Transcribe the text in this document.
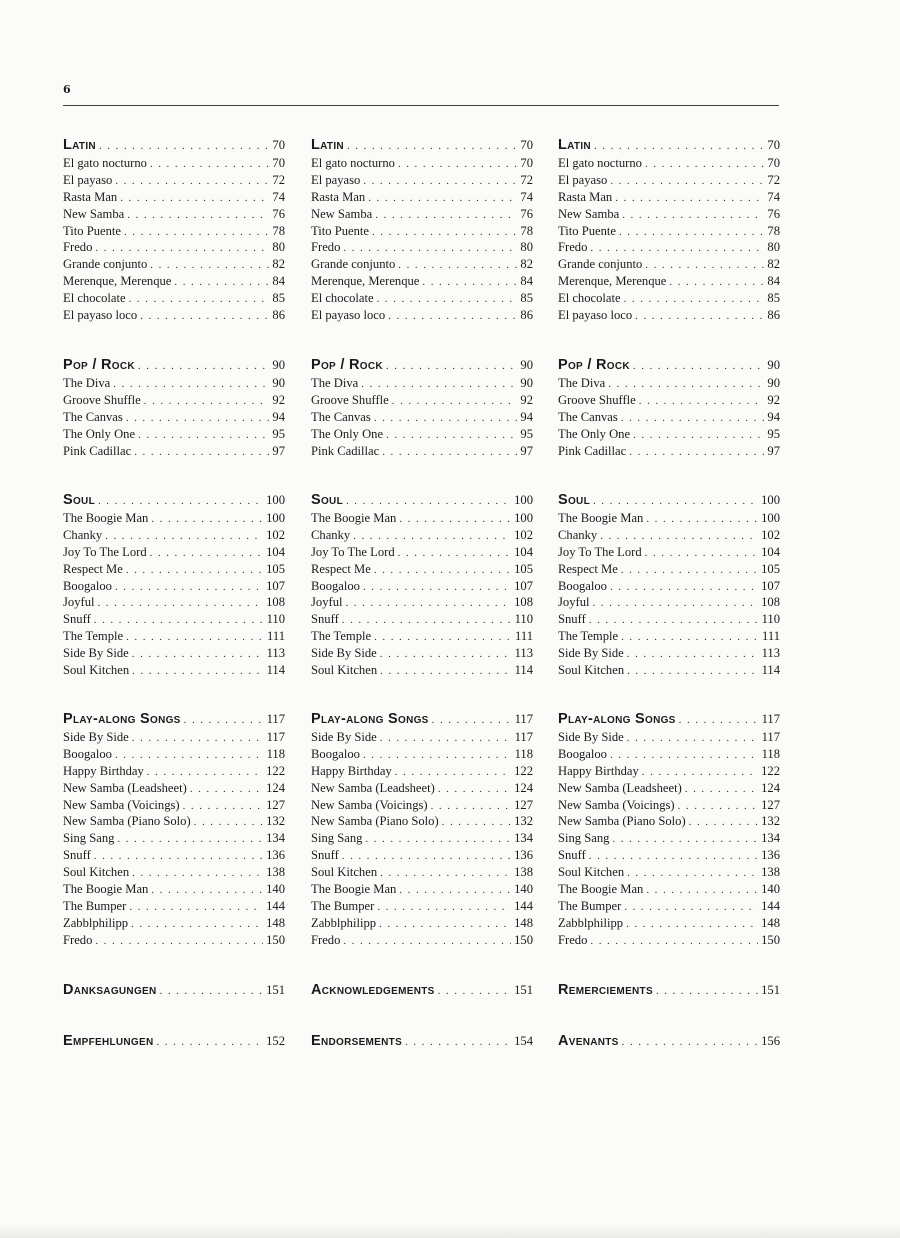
6
Latin . . .	70
El gato nocturno . . .	70
El payaso . . .	72
Rasta Man . . .	74
New Samba . . .	76
Tito Puente . . .	78
Fredo . . .	80
Grande conjunto . . .	82
Merenque, Merenque . . .	84
El chocolate . . .	85
El payaso loco . . .	86
Pop / Rock . . .	90
The Diva . . .	90
Groove Shuffle . . .	92
The Canvas . . .	94
The Only One . . .	95
Pink Cadillac . . .	97
Soul . . .	100
The Boogie Man . . .	100
Chanky . . .	102
Joy To The Lord . . .	104
Respect Me . . .	105
Boogaloo . . .	107
Joyful . . .	108
Snuff . . .	110
The Temple . . .	111
Side By Side . . .	113
Soul Kitchen . . .	114
Play-along Songs . . .	117
Side By Side . . .	117
Boogaloo . . .	118
Happy Birthday . . .	122
New Samba (Leadsheet) . . .	124
New Samba (Voicings) . . .	127
New Samba (Piano Solo) . . .	132
Sing Sang . . .	134
Snuff . . .	136
Soul Kitchen . . .	138
The Boogie Man . . .	140
The Bumper . . .	144
Zabblphilipp . . .	148
Fredo . . .	150
Danksagungen . . .	151
Empfehlungen . . .	152
Latin . . .	70
El gato nocturno . . .	70
El payaso . . .	72
Rasta Man . . .	74
New Samba . . .	76
Tito Puente . . .	78
Fredo . . .	80
Grande conjunto . . .	82
Merenque, Merenque . . .	84
El chocolate . . .	85
El payaso loco . . .	86
Pop / Rock . . .	90
The Diva . . .	90
Groove Shuffle . . .	92
The Canvas . . .	94
The Only One . . .	95
Pink Cadillac . . .	97
Soul . . .	100
The Boogie Man . . .	100
Chanky . . .	102
Joy To The Lord . . .	104
Respect Me . . .	105
Boogaloo . . .	107
Joyful . . .	108
Snuff . . .	110
The Temple . . .	111
Side By Side . . .	113
Soul Kitchen . . .	114
Play-along Songs . . .	117
Side By Side . . .	117
Boogaloo . . .	118
Happy Birthday . . .	122
New Samba (Leadsheet) . . .	124
New Samba (Voicings) . . .	127
New Samba (Piano Solo) . . .	132
Sing Sang . . .	134
Snuff . . .	136
Soul Kitchen . . .	138
The Boogie Man . . .	140
The Bumper . . .	144
Zabblphilipp . . .	148
Fredo . . .	150
Acknowledgements . . .	151
Endorsements . . .	154
Latin . . .	70
El gato nocturno . . .	70
El payaso . . .	72
Rasta Man . . .	74
New Samba . . .	76
Tito Puente . . .	78
Fredo . . .	80
Grande conjunto . . .	82
Merenque, Merenque . . .	84
El chocolate . . .	85
El payaso loco . . .	86
Pop / Rock . . .	90
The Diva . . .	90
Groove Shuffle . . .	92
The Canvas . . .	94
The Only One . . .	95
Pink Cadillac . . .	97
Soul . . .	100
The Boogie Man . . .	100
Chanky . . .	102
Joy To The Lord . . .	104
Respect Me . . .	105
Boogaloo . . .	107
Joyful . . .	108
Snuff . . .	110
The Temple . . .	111
Side By Side . . .	113
Soul Kitchen . . .	114
Play-along Songs . . .	117
Side By Side . . .	117
Boogaloo . . .	118
Happy Birthday . . .	122
New Samba (Leadsheet) . . .	124
New Samba (Voicings) . . .	127
New Samba (Piano Solo) . . .	132
Sing Sang . . .	134
Snuff . . .	136
Soul Kitchen . . .	138
The Boogie Man . . .	140
The Bumper . . .	144
Zabblphilipp . . .	148
Fredo . . .	150
Remerciements . . .	151
Avenants . . .	156
